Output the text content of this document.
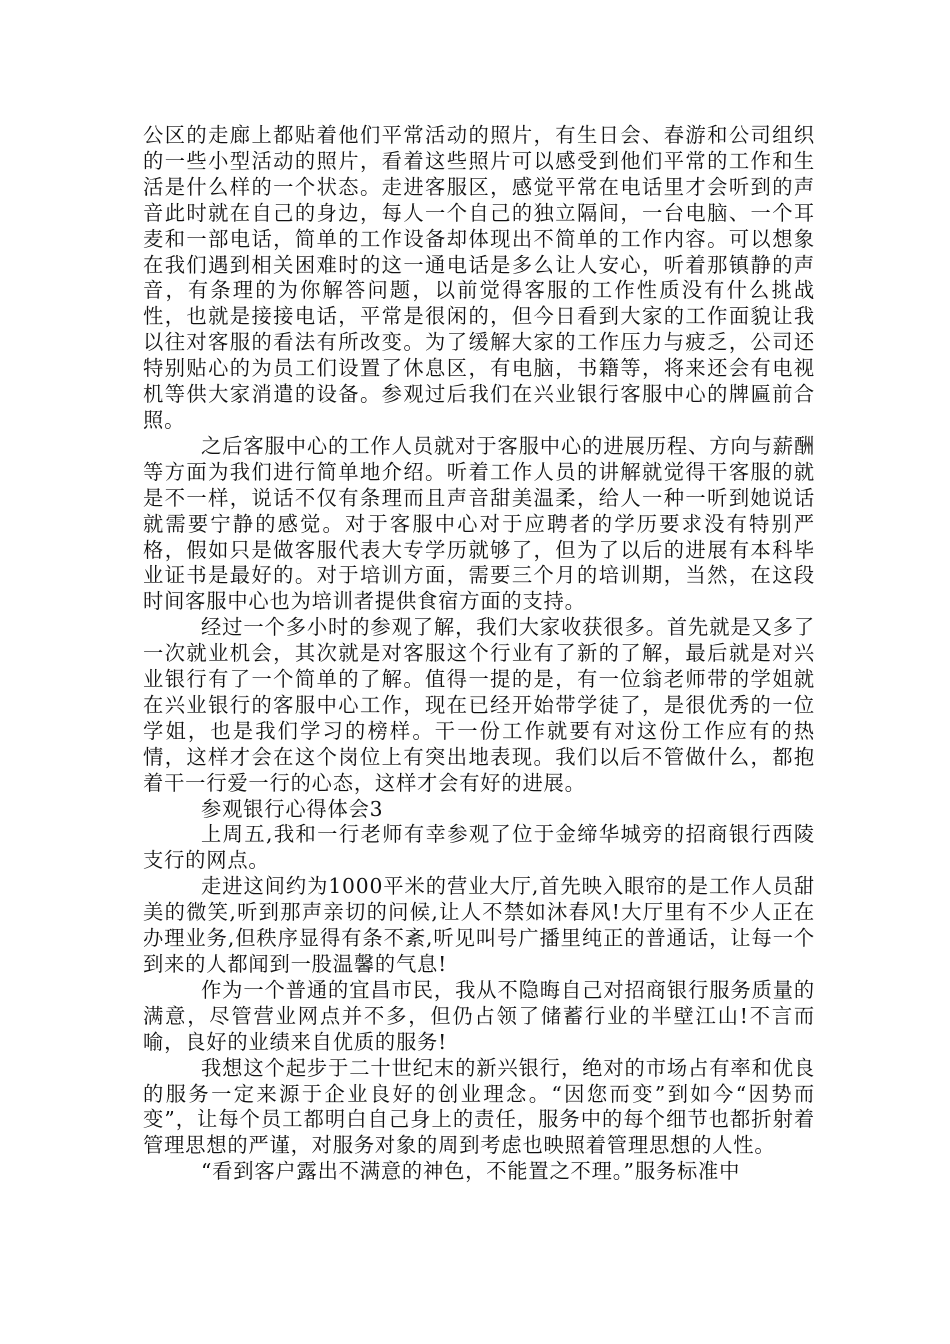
公区的走廊上都贴着他们平常活动的照片，有生日会、春游和公司组织的一些小型活动的照片，看着这些照片可以感受到他们平常的工作和生活是什么样的一个状态。走进客服区，感觉平常在电话里才会听到的声音此时就在自己的身边，每人一个自己的独立隔间，一台电脑、一个耳麦和一部电话，简单的工作设备却体现出不简单的工作内容。可以想象在我们遇到相关困难时的这一通电话是多么让人安心，听着那镇静的声音，有条理的为你解答问题，以前觉得客服的工作性质没有什么挑战性，也就是接接电话，平常是很闲的，但今日看到大家的工作面貌让我以往对客服的看法有所改变。为了缓解大家的工作压力与疲乏，公司还特别贴心的为员工们设置了休息区，有电脑，书籍等，将来还会有电视机等供大家消遣的设备。参观过后我们在兴业银行客服中心的牌匾前合照。

之后客服中心的工作人员就对于客服中心的进展历程、方向与薪酬等方面为我们进行简单地介绍。听着工作人员的讲解就觉得干客服的就是不一样，说话不仅有条理而且声音甜美温柔，给人一种一听到她说话就需要宁静的感觉。对于客服中心对于应聘者的学历要求没有特别严格，假如只是做客服代表大专学历就够了，但为了以后的进展有本科毕业证书是最好的。对于培训方面，需要三个月的培训期，当然，在这段时间客服中心也为培训者提供食宿方面的支持。

经过一个多小时的参观了解，我们大家收获很多。首先就是又多了一次就业机会，其次就是对客服这个行业有了新的了解，最后就是对兴业银行有了一个简单的了解。值得一提的是，有一位翁老师带的学姐就在兴业银行的客服中心工作，现在已经开始带学徒了，是很优秀的一位学姐，也是我们学习的榜样。干一份工作就要有对这份工作应有的热情，这样才会在这个岗位上有突出地表现。我们以后不管做什么，都抱着干一行爱一行的心态，这样才会有好的进展。

参观银行心得体会3

上周五,我和一行老师有幸参观了位于金缔华城旁的招商银行西陵支行的网点。

走进这间约为1000平米的营业大厅,首先映入眼帘的是工作人员甜美的微笑,听到那声亲切的问候,让人不禁如沐春风!大厅里有不少人正在办理业务,但秩序显得有条不紊,听见叫号广播里纯正的普通话，让每一个到来的人都闻到一股温馨的气息!

作为一个普通的宜昌市民，我从不隐晦自己对招商银行服务质量的满意，尽管营业网点并不多，但仍占领了储蓄行业的半壁江山!不言而喻，良好的业绩来自优质的服务!

我想这个起步于二十世纪末的新兴银行，绝对的市场占有率和优良的服务一定来源于企业良好的创业理念。“因您而变”到如今“因势而变”，让每个员工都明白自己身上的责任，服务中的每个细节也都折射着管理思想的严谨，对服务对象的周到考虑也映照着管理思想的人性。

“看到客户露出不满意的神色，不能置之不理。”服务标准中
